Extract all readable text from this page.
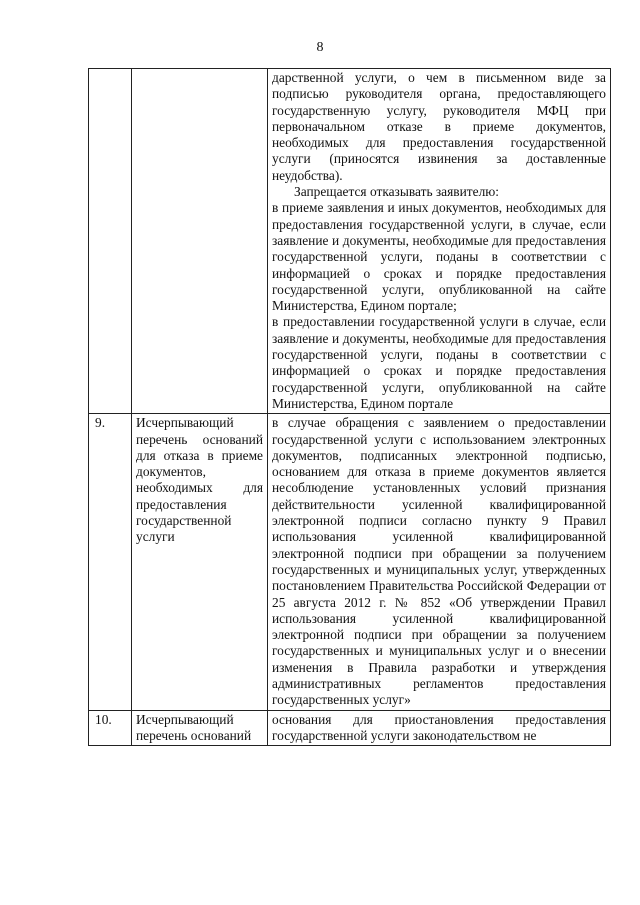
8

		дарственной услуги, о чем в письменном виде за подписью руководителя органа, предоставляющего государственную услугу, руководителя МФЦ при первоначальном отказе в приеме документов, необходимых для предоставления государственной услуги (приносятся извинения за доставленные неудобства).

Запрещается отказывать заявителю:

в приеме заявления и иных документов, необходимых для предоставления государственной услуги, в случае, если заявление и документы, необходимые для предоставления государственной услуги, поданы в соответствии с информацией о сроках и порядке предоставления государственной услуги, опубликованной на сайте Министерства, Едином портале;

в предоставлении государственной услуги в случае, если заявление и документы, необходимые для предоставления государственной услуги, поданы в соответствии с информацией о сроках и порядке предоставления государственной услуги, опубликованной на сайте Министерства, Едином портале

9.	Исчерпывающий перечень оснований для отказа в приеме документов, необходимых для предоставления государственной услуги	в случае обращения с заявлением о предоставлении государственной услуги с использованием электронных документов, подписанных электронной подписью, основанием для отказа в приеме документов является несоблюдение установленных условий признания действительности усиленной квалифицированной электронной подписи согласно пункту 9 Правил использования усиленной квалифицированной электронной подписи при обращении за получением государственных и муниципальных услуг, утвержденных постановлением Правительства Российской Федерации от 25 августа 2012 г. № 852 «Об утверждении Правил использования усиленной квалифицированной электронной подписи при обращении за получением государственных и муниципальных услуг и о внесении изменения в Правила разработки и утверждения административных регламентов предоставления государственных услуг»

10.	Исчерпывающий перечень оснований	основания для приостановления предоставления государственной услуги законодательством не
